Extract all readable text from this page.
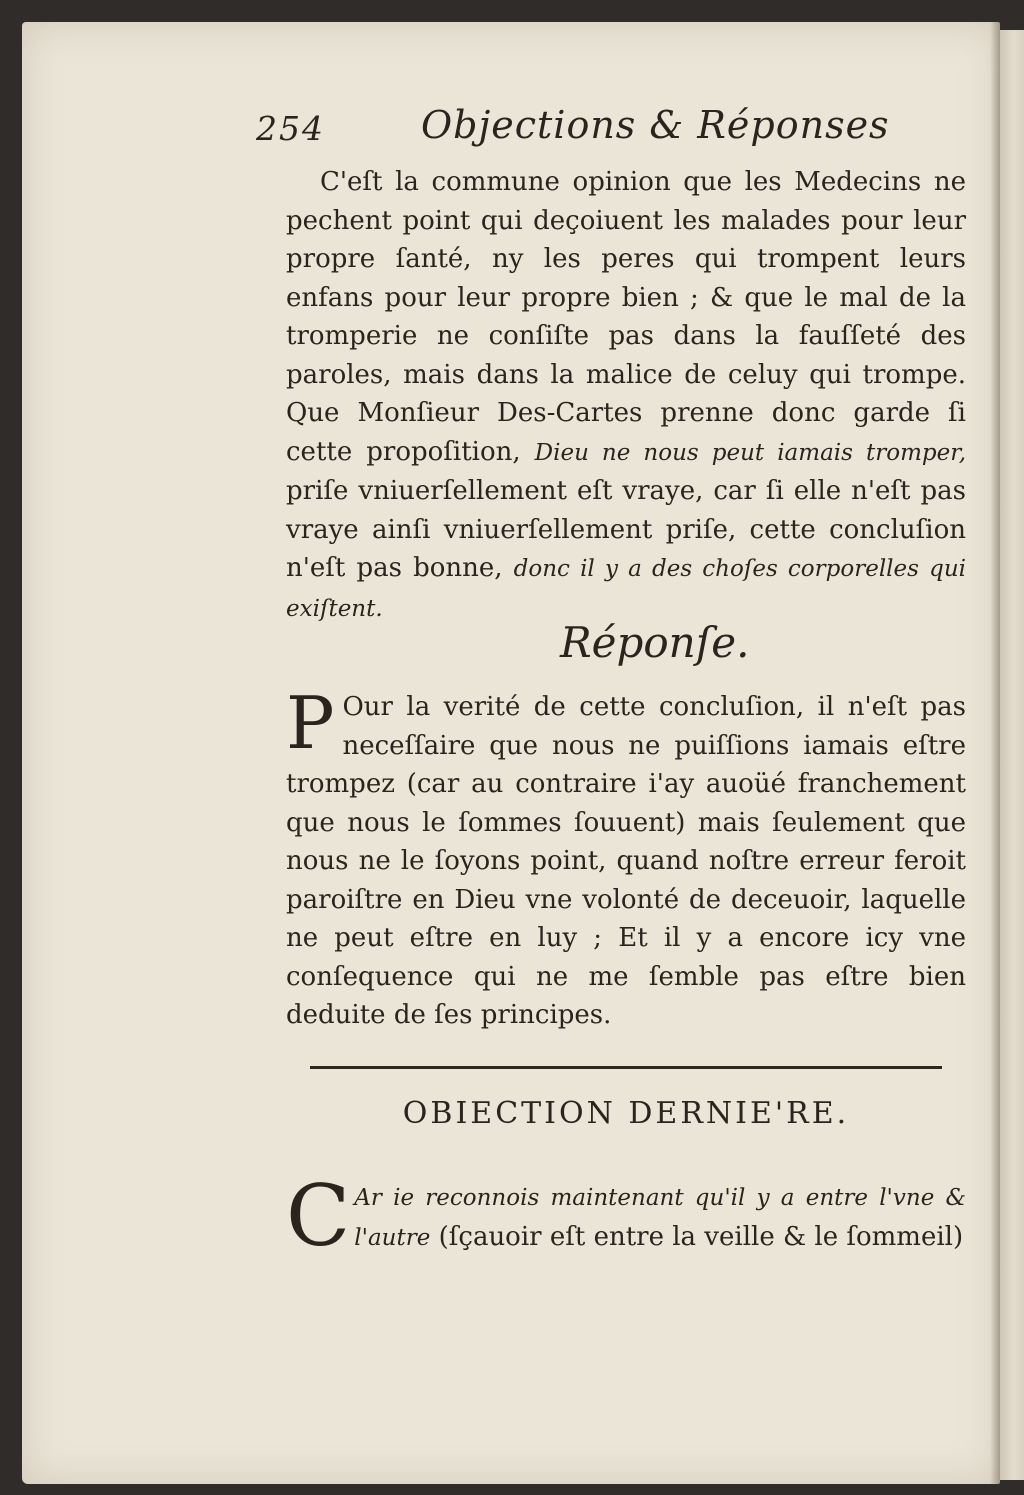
254	Objections & Réponses
C'eſt la commune opinion que les Medecins ne pechent point qui deçoiuent les malades pour leur propre ſanté, ny les peres qui trompent leurs enfans pour leur propre bien ; & que le mal de la tromperie ne conſiſte pas dans la fauſſeté des paroles, mais dans la malice de celuy qui trompe. Que Monſieur Des-Cartes prenne donc garde ſi cette propoſition, Dieu ne nous peut iamais tromper, priſe vniuerſellement eſt vraye, car ſi elle n'eſt pas vraye ainſi vniuerſellement priſe, cette concluſion n'eſt pas bonne, donc il y a des choſes corporelles qui exiſtent.
Réponſe.
P Our la verité de cette concluſion, il n'eſt pas neceſſaire que nous ne puiſſions iamais eſtre trompez (car au contraire i'ay auoüé franchement que nous le ſommes ſouuent) mais ſeulement que nous ne le ſoyons point, quand noſtre erreur feroit paroiſtre en Dieu vne volonté de deceuoir, laquelle ne peut eſtre en luy ; Et il y a encore icy vne conſequence qui ne me ſemble pas eſtre bien deduite de ſes principes.
OBIECTION DERNIE'RE.
C Ar ie reconnois maintenant qu'il y a entre l'vne & l'autre (ſçauoir eſt entre la veille & le ſommeil)
